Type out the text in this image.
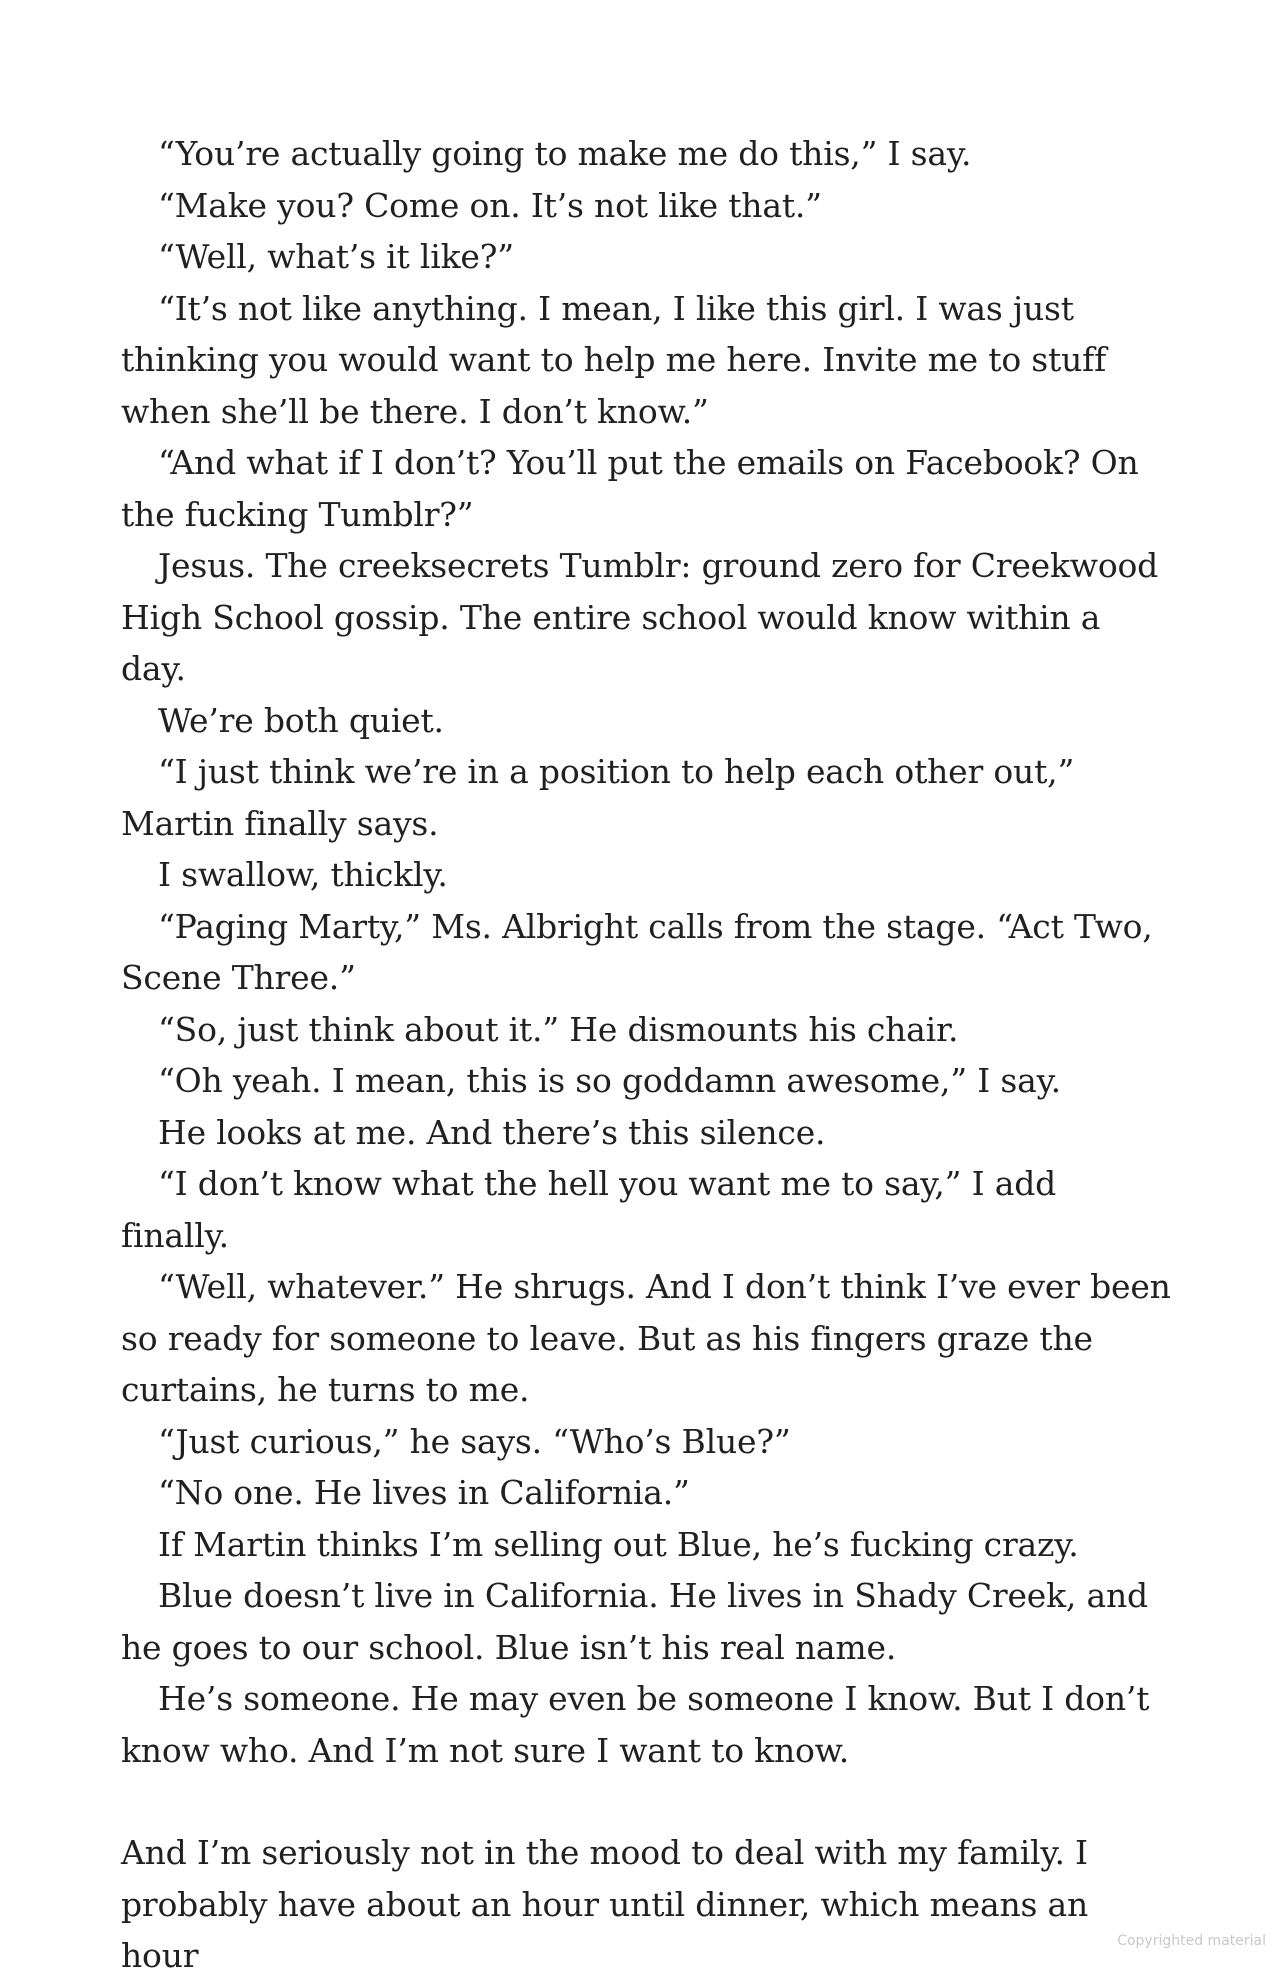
“You’re actually going to make me do this,” I say.

“Make you? Come on. It’s not like that.”

“Well, what’s it like?”

“It’s not like anything. I mean, I like this girl. I was just thinking you would want to help me here. Invite me to stuff when she’ll be there. I don’t know.”

“And what if I don’t? You’ll put the emails on Facebook? On the fucking Tumblr?”

Jesus. The creeksecrets Tumblr: ground zero for Creekwood High School gossip. The entire school would know within a day.

We’re both quiet.

“I just think we’re in a position to help each other out,” Martin finally says.

I swallow, thickly.

“Paging Marty,” Ms. Albright calls from the stage. “Act Two, Scene Three.”

“So, just think about it.” He dismounts his chair.

“Oh yeah. I mean, this is so goddamn awesome,” I say.

He looks at me. And there’s this silence.

“I don’t know what the hell you want me to say,” I add finally.

“Well, whatever.” He shrugs. And I don’t think I’ve ever been so ready for someone to leave. But as his fingers graze the curtains, he turns to me.

“Just curious,” he says. “Who’s Blue?”

“No one. He lives in California.”

If Martin thinks I’m selling out Blue, he’s fucking crazy.

Blue doesn’t live in California. He lives in Shady Creek, and he goes to our school. Blue isn’t his real name.

He’s someone. He may even be someone I know. But I don’t know who. And I’m not sure I want to know.

And I’m seriously not in the mood to deal with my family. I probably have about an hour until dinner, which means an hour	Copyrighted material
